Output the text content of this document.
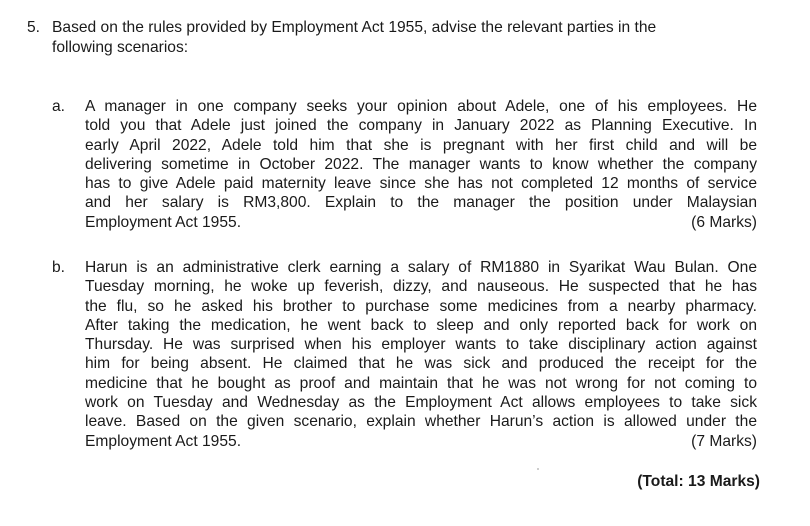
5. Based on the rules provided by Employment Act 1955, advise the relevant parties in the
following scenarios:
a. A manager in one company seeks your opinion about Adele, one of his employees. He
told you that Adele just joined the company in January 2022 as Planning Executive. In
early April 2022, Adele told him that she is pregnant with her first child and will be
delivering sometime in October 2022. The manager wants to know whether the company
has to give Adele paid maternity leave since she has not completed 12 months of service
and her salary is RM3,800. Explain to the manager the position under Malaysian
Employment Act 1955.	(6 Marks)
b. Harun is an administrative clerk earning a salary of RM1880 in Syarikat Wau Bulan. One
Tuesday morning, he woke up feverish, dizzy, and nauseous. He suspected that he has
the flu, so he asked his brother to purchase some medicines from a nearby pharmacy.
After taking the medication, he went back to sleep and only reported back for work on
Thursday. He was surprised when his employer wants to take disciplinary action against
him for being absent. He claimed that he was sick and produced the receipt for the
medicine that he bought as proof and maintain that he was not wrong for not coming to
work on Tuesday and Wednesday as the Employment Act allows employees to take sick
leave. Based on the given scenario, explain whether Harun’s action is allowed under the
Employment Act 1955.	(7 Marks)
(Total: 13 Marks)
